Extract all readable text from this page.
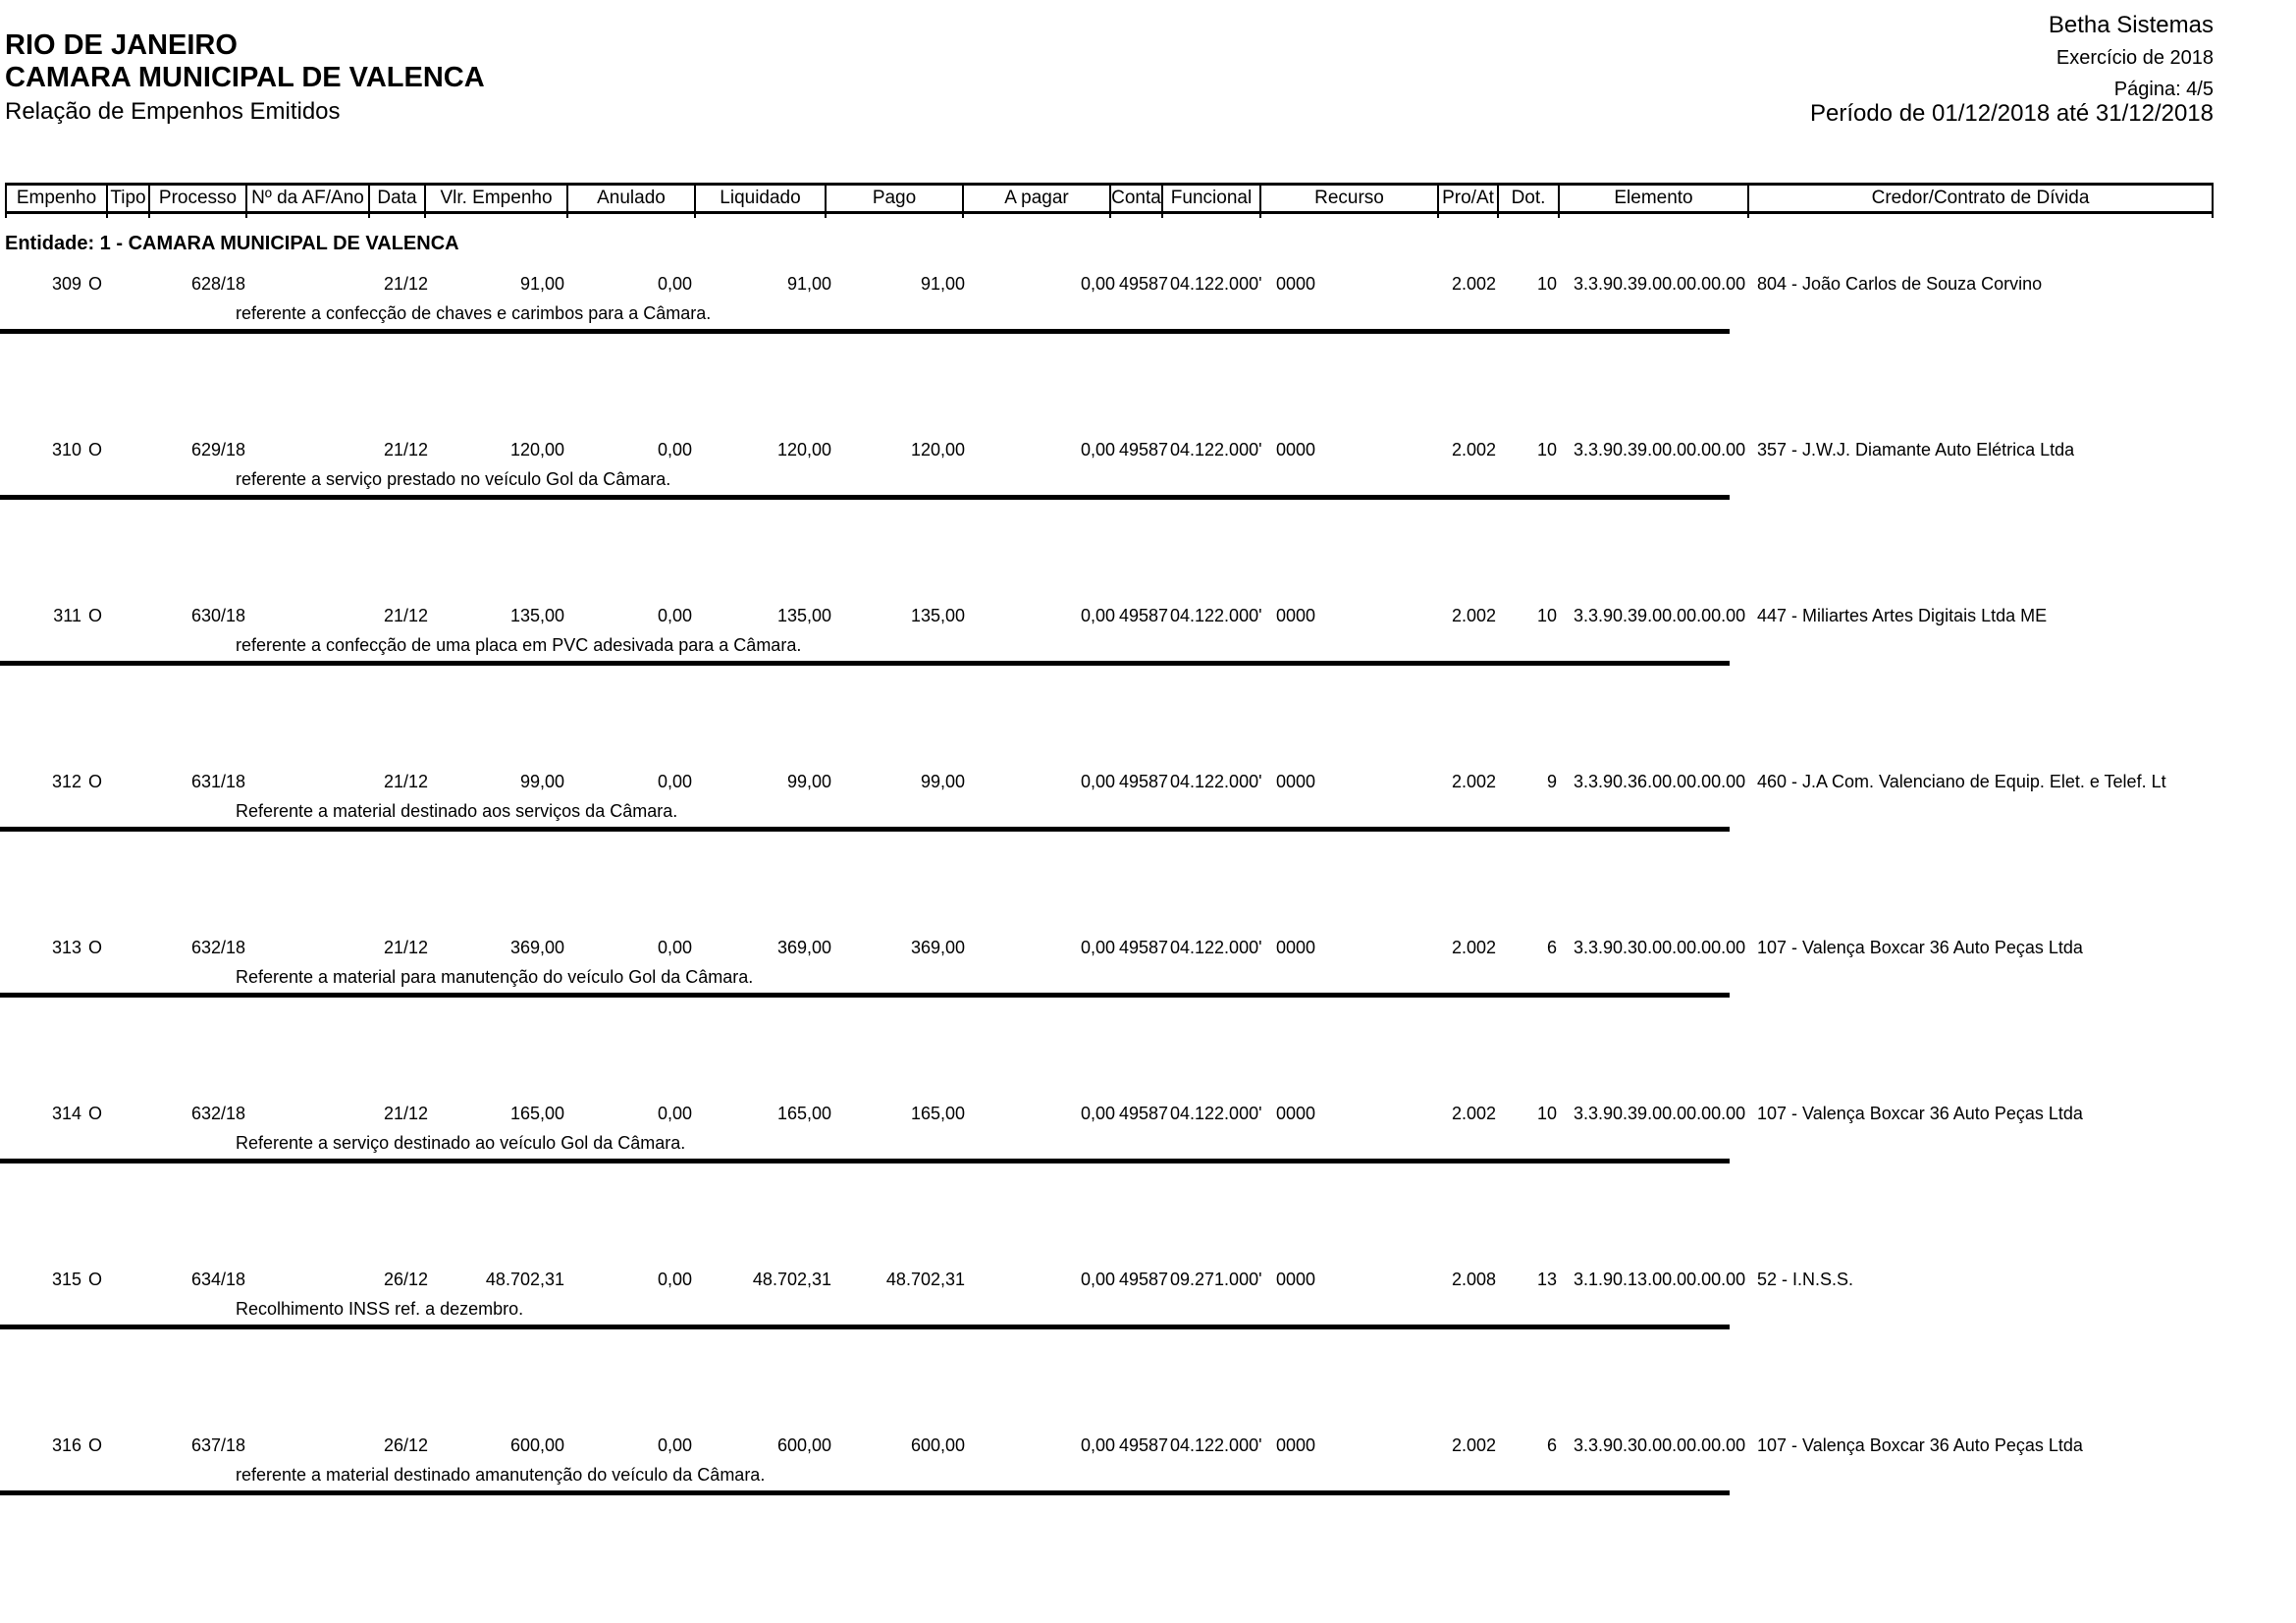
RIO DE JANEIRO
CAMARA MUNICIPAL DE VALENCA
Relação de Empenhos Emitidos
Betha Sistemas
Exercício de 2018
Página: 4/5
Período de 01/12/2018 até 31/12/2018
Empenho Tipo Processo Nº da AF/Ano Data	Vlr. Empenho	Anulado	Liquidado	Pago	A pagar	Conta Funcional	Recurso	Pro/At Dot.	Elemento	Credor/Contrato de Dívida
Entidade: 1 - CAMARA MUNICIPAL DE VALENCA
309 O	628/18	21/12	91,00	0,00	91,00	91,00	0,00 49587 04.122.000' 0000	2.002	10 3.3.90.39.00.00.00.00 804 - João Carlos de Souza Corvino
referente a confecção de chaves e carimbos para a Câmara.
310 O	629/18	21/12	120,00	0,00	120,00	120,00	0,00 49587 04.122.000' 0000	2.002	10 3.3.90.39.00.00.00.00 357 - J.W.J. Diamante Auto Elétrica Ltda
referente a serviço prestado no veículo Gol da Câmara.
311 O	630/18	21/12	135,00	0,00	135,00	135,00	0,00 49587 04.122.000' 0000	2.002	10 3.3.90.39.00.00.00.00 447 - Miliartes Artes Digitais Ltda ME
referente a confecção de uma placa em PVC adesivada para a Câmara.
312 O	631/18	21/12	99,00	0,00	99,00	99,00	0,00 49587 04.122.000' 0000	2.002	9 3.3.90.36.00.00.00.00 460 - J.A Com. Valenciano de Equip. Elet. e Telef. Lt
Referente a material destinado aos serviços da Câmara.
313 O	632/18	21/12	369,00	0,00	369,00	369,00	0,00 49587 04.122.000' 0000	2.002	6 3.3.90.30.00.00.00.00 107 - Valença Boxcar 36 Auto Peças Ltda
Referente a material para manutenção do veículo Gol da Câmara.
314 O	632/18	21/12	165,00	0,00	165,00	165,00	0,00 49587 04.122.000' 0000	2.002	10 3.3.90.39.00.00.00.00 107 - Valença Boxcar 36 Auto Peças Ltda
Referente a serviço destinado ao veículo Gol da Câmara.
315 O	634/18	26/12	48.702,31	0,00	48.702,31	48.702,31	0,00 49587 09.271.000' 0000	2.008	13 3.1.90.13.00.00.00.00 52 - I.N.S.S.
Recolhimento INSS ref. a dezembro.
316 O	637/18	26/12	600,00	0,00	600,00	600,00	0,00 49587 04.122.000' 0000	2.002	6 3.3.90.30.00.00.00.00 107 - Valença Boxcar 36 Auto Peças Ltda
referente a material destinado amanutenção do veículo da Câmara.
